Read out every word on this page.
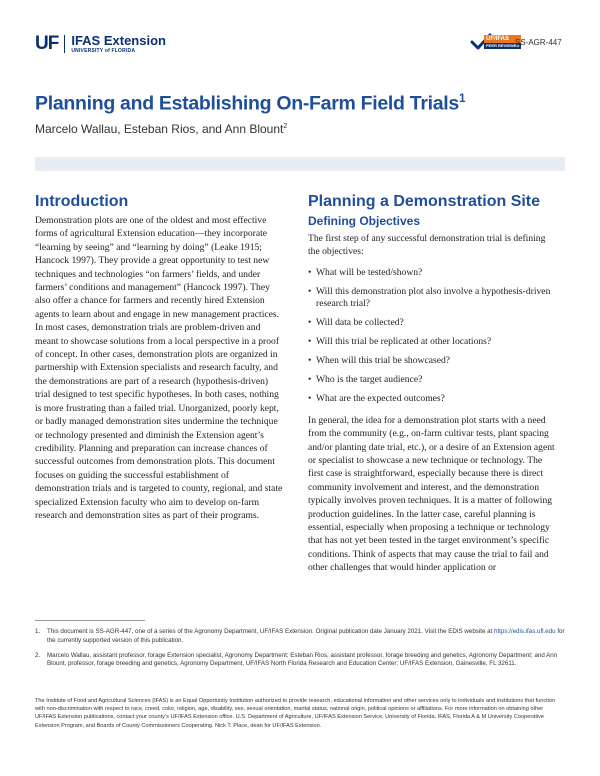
UF IFAS Extension
UNIVERSITY of FLORIDA
UF/IFAS
PEER REVIEWED
SS-AGR-447
Planning and Establishing On-Farm Field Trials$^1$
Marcelo Wallau, Esteban Rios, and Ann Blount$^2$
Introduction

Demonstration plots are one of the oldest and most effective forms of agricultural Extension education—they incorporate “learning by seeing” and “learning by doing” (Leake 1915; Hancock 1997). They provide a great opportunity to test new techniques and technologies “on farmers’ fields, and under farmers’ conditions and management” (Hancock 1997). They also offer a chance for farmers and recently hired Extension agents to learn about and engage in new management practices. In most cases, demonstration trials are problem-driven and meant to showcase solutions from a local perspective in a proof of concept. In other cases, demonstration plots are organized in partnership with Extension specialists and research faculty, and the demonstrations are part of a research (hypothesis-driven) trial designed to test specific hypotheses. In both cases, nothing is more frustrating than a failed trial. Unorganized, poorly kept, or badly managed demonstration sites undermine the technique or technology presented and diminish the Extension agent’s credibility. Planning and preparation can increase chances of successful outcomes from demonstration plots. This document focuses on guiding the successful establishment of demonstration trials and is targeted to county, regional, and state specialized Extension faculty who aim to develop on-farm research and demonstration sites as part of their programs.

Planning a Demonstration Site
Defining Objectives

The first step of any successful demonstration trial is defining the objectives:

• What will be tested/shown?
• Will this demonstration plot also involve a hypothesis-driven research trial?
• Will data be collected?
• Will this trial be replicated at other locations?
• When will this trial be showcased?
• Who is the target audience?
• What are the expected outcomes?

In general, the idea for a demonstration plot starts with a need from the community (e.g., on-farm cultivar tests, plant spacing and/or planting date trial, etc.), or a desire of an Extension agent or specialist to showcase a new technique or technology. The first case is straightforward, especially because there is direct community involvement and interest, and the demonstration typically involves proven techniques. It is a matter of following production guidelines. In the latter case, careful planning is essential, especially when proposing a technique or technology that has not yet been tested in the target environment’s specific conditions. Think of aspects that may cause the trial to fail and other challenges that would hinder application or

1.	This document is SS-AGR-447, one of a series of the Agronomy Department, UF/IFAS Extension. Original publication date January 2021. Visit the EDIS website at https://edis.ifas.ufl.edu for the currently supported version of this publication.
2.	Marcelo Wallau, assistant professor, forage Extension specialist, Agronomy Department; Esteban Rios, assistant professor, forage breeding and genetics, Agronomy Department; and Ann Blount, professor, forage breeding and genetics, Agronomy Department, UF/IFAS North Florida Research and Education Center; UF/IFAS Extension, Gainesville, FL 32611.
The Institute of Food and Agricultural Sciences (IFAS) is an Equal Opportunity Institution authorized to provide research, educational information and other services only to individuals and institutions that function with non-discrimination with respect to race, creed, color, religion, age, disability, sex, sexual orientation, marital status, national origin, political opinions or affiliations. For more information on obtaining other UF/IFAS Extension publications, contact your county’s UF/IFAS Extension office. U.S. Department of Agriculture, UF/IFAS Extension Service, University of Florida, IFAS, Florida A & M University Cooperative Extension Program, and Boards of County Commissioners Cooperating. Nick T. Place, dean for UF/IFAS Extension.
